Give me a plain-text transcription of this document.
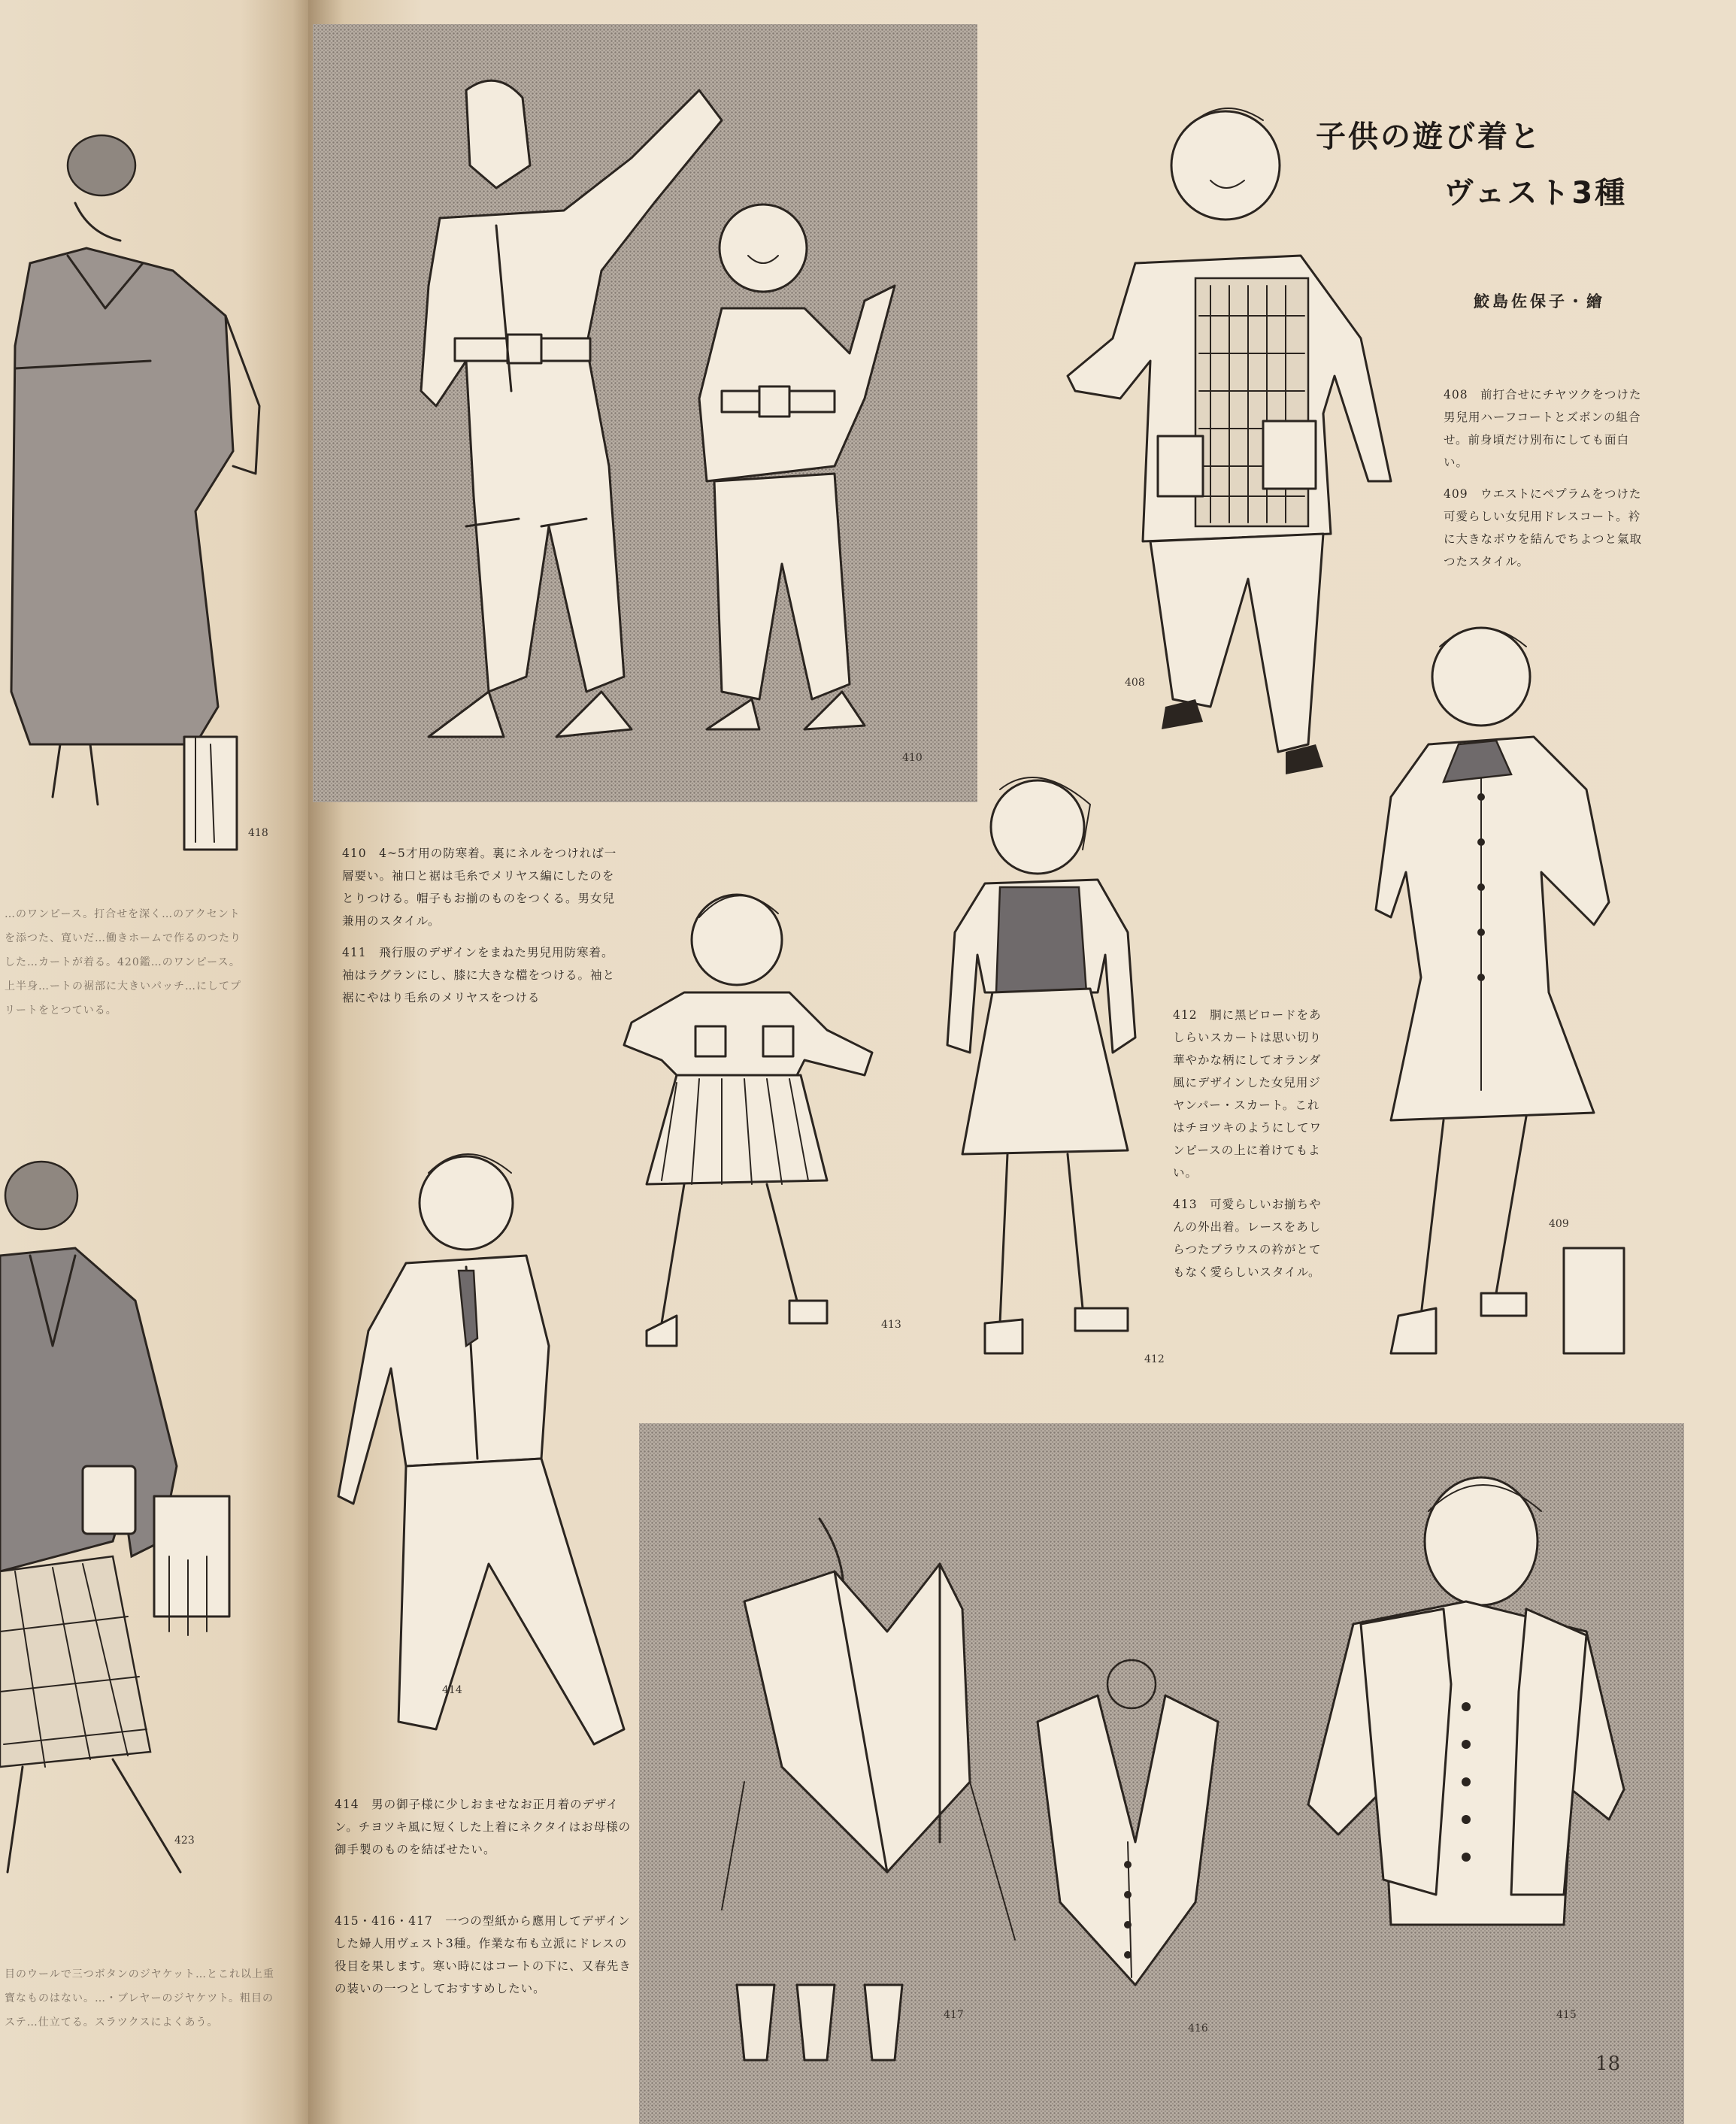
418
…のワンピース。打合せを深く…のアクセントを添つた、寛いだ…働きホームで作るのつたりした…カートが着る。420鑑…のワンピース。上半身…ートの裾部に大きいパッチ…にしてプリートをとつている。
423
目のウールで三つボタンのジヤケット…とこれ以上重寳なものはない。…・ブレヤーのジヤケツト。粗目のステ…仕立てる。スラツクスによくあう。
410
子供の遊び着と
ヴェスト3種
鮫島佐保子・繪
408

408　前打合せにチヤツクをつけた男兒用ハーフコートとズボンの組合せ。前身頃だけ別布にしても面白い。

409　ウエストにペプラムをつけた可愛らしい女兒用ドレスコート。衿に大きなボウを結んでちよつと氣取つたスタイル。

410　4~5才用の防寒着。裏にネルをつければ一層要い。袖口と裾は毛糸でメリヤス編にしたのをとりつける。帽子もお揃のものをつくる。男女兒兼用のスタイル。

411　飛行服のデザインをまねた男兒用防寒着。袖はラグランにし、膝に大きな檔をつける。袖と裾にやはり毛糸のメリヤスをつける

413
412

412　胴に黑ビロードをあしらいスカートは思い切り華やかな柄にしてオランダ風にデザインした女兒用ジヤンパー・スカート。これはチヨツキのようにしてワンピースの上に着けてもよい。

413　可愛らしいお揃ちやんの外出着。レースをあしらつたブラウスの衿がとてもなく愛らしいスタイル。

409
414

414　男の御子様に少しおませなお正月着のデザイン。チヨツキ風に短くした上着にネクタイはお母様の御手製のものを結ばせたい。

415・416・417　一つの型紙から應用してデザインした婦人用ヴェスト3種。作業な布も立派にドレスの役目を果します。寒い時にはコートの下に、又春先きの装いの一つとしておすすめしたい。

417
416
415
18
